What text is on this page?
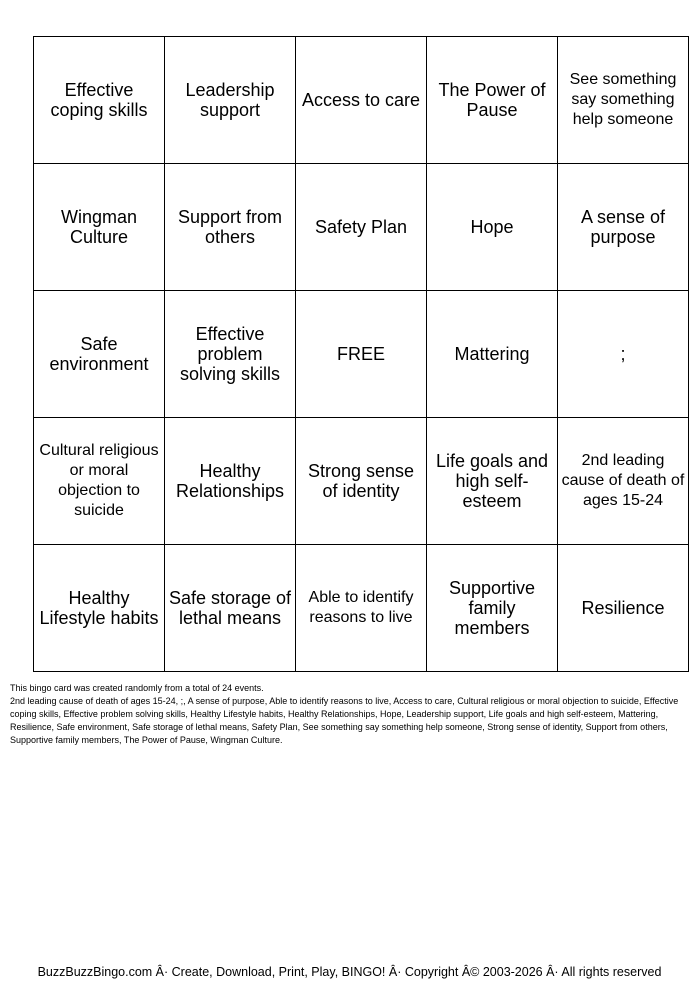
Effective coping skills	Leadership support	Access to care	The Power of Pause	See something say something help someone
Wingman Culture	Support from others	Safety Plan	Hope	A sense of purpose
Safe environment	Effective problem solving skills	FREE	Mattering	;
Cultural religious or moral objection to suicide	Healthy Relationships	Strong sense of identity	Life goals and high self-esteem	2nd leading cause of death of ages 15-24
Healthy Lifestyle habits	Safe storage of lethal means	Able to identify reasons to live	Supportive family members	Resilience

This bingo card was created randomly from a total of 24 events.

2nd leading cause of death of ages 15-24, ;, A sense of purpose, Able to identify reasons to live, Access to care, Cultural religious or moral objection to suicide, Effective coping skills, Effective problem solving skills, Healthy Lifestyle habits, Healthy Relationships, Hope, Leadership support, Life goals and high self-esteem, Mattering, Resilience, Safe environment, Safe storage of lethal means, Safety Plan, See something say something help someone, Strong sense of identity, Support from others, Supportive family members, The Power of Pause, Wingman Culture.

BuzzBuzzBingo.com Â· Create, Download, Print, Play, BINGO! Â· Copyright Â© 2003-2026 Â· All rights reserved
